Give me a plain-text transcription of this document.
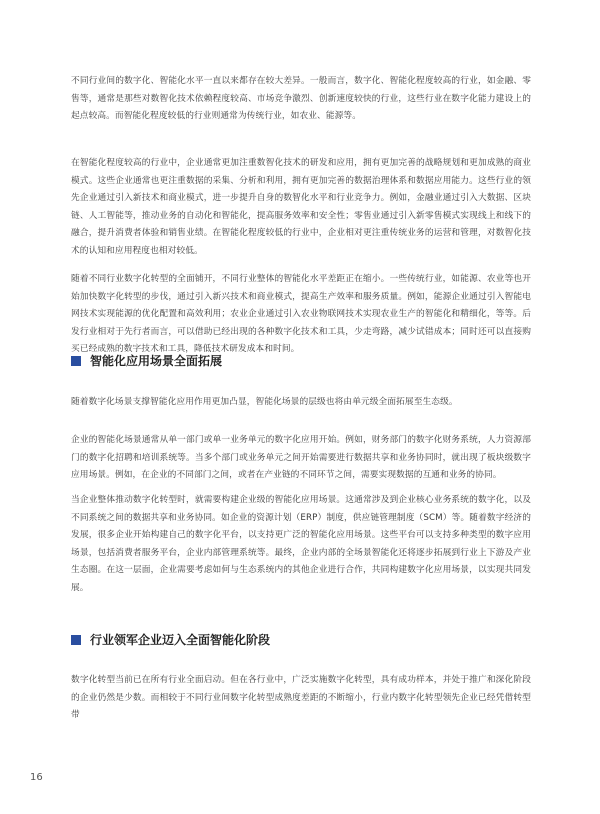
不同行业间的数字化、智能化水平一直以来都存在较大差异。一般而言，数字化、智能化程度较高的行业，如金融、零售等，通常是那些对数智化技术依赖程度较高、市场竞争激烈、创新速度较快的行业，这些行业在数字化能力建设上的起点较高。而智能化程度较低的行业则通常为传统行业，如农业、能源等。

在智能化程度较高的行业中，企业通常更加注重数智化技术的研发和应用，拥有更加完善的战略规划和更加成熟的商业模式。这些企业通常也更注重数据的采集、分析和利用，拥有更加完善的数据治理体系和数据应用能力。这些行业的领先企业通过引入新技术和商业模式，进一步提升自身的数智化水平和行业竞争力。例如，金融业通过引入大数据、区块链、人工智能等，推动业务的自动化和智能化，提高服务效率和安全性；零售业通过引入新零售模式实现线上和线下的融合，提升消费者体验和销售业绩。在智能化程度较低的行业中，企业相对更注重传统业务的运营和管理，对数智化技术的认知和应用程度也相对较低。

随着不同行业数字化转型的全面铺开，不同行业整体的智能化水平差距正在缩小。一些传统行业，如能源、农业等也开始加快数字化转型的步伐，通过引入新兴技术和商业模式，提高生产效率和服务质量。例如，能源企业通过引入智能电网技术实现能源的优化配置和高效利用；农业企业通过引入农业物联网技术实现农业生产的智能化和精细化，等等。后发行业相对于先行者而言，可以借助已经出现的各种数字化技术和工具，少走弯路，减少试错成本；同时还可以直接购买已经成熟的数字技术和工具，降低技术研发成本和时间。

智能化应用场景全面拓展

随着数字化场景支撑智能化应用作用更加凸显，智能化场景的层级也将由单元级全面拓展至生态级。

企业的智能化场景通常从单一部门或单一业务单元的数字化应用开始。例如，财务部门的数字化财务系统，人力资源部门的数字化招聘和培训系统等。当多个部门或业务单元之间开始需要进行数据共享和业务协同时，就出现了板块级数字应用场景。例如，在企业的不同部门之间，或者在产业链的不同环节之间，需要实现数据的互通和业务的协同。

当企业整体推动数字化转型时，就需要构建企业级的智能化应用场景。这通常涉及到企业核心业务系统的数字化，以及不同系统之间的数据共享和业务协同。如企业的资源计划（ERP）制度，供应链管理制度（SCM）等。随着数字经济的发展，很多企业开始构建自己的数字化平台，以支持更广泛的智能化应用场景。这些平台可以支持多种类型的数字应用场景，包括消费者服务平台，企业内部管理系统等。最终，企业内部的全场景智能化还将逐步拓展到行业上下游及产业生态圈。在这一层面，企业需要考虑如何与生态系统内的其他企业进行合作，共同构建数字化应用场景，以实现共同发展。

行业领军企业迈入全面智能化阶段

数字化转型当前已在所有行业全面启动。但在各行业中，广泛实施数字化转型，具有成功样本，并处于推广和深化阶段的企业仍然是少数。而相较于不同行业间数字化转型成熟度差距的不断缩小，行业内数字化转型领先企业已经凭借转型带

16
